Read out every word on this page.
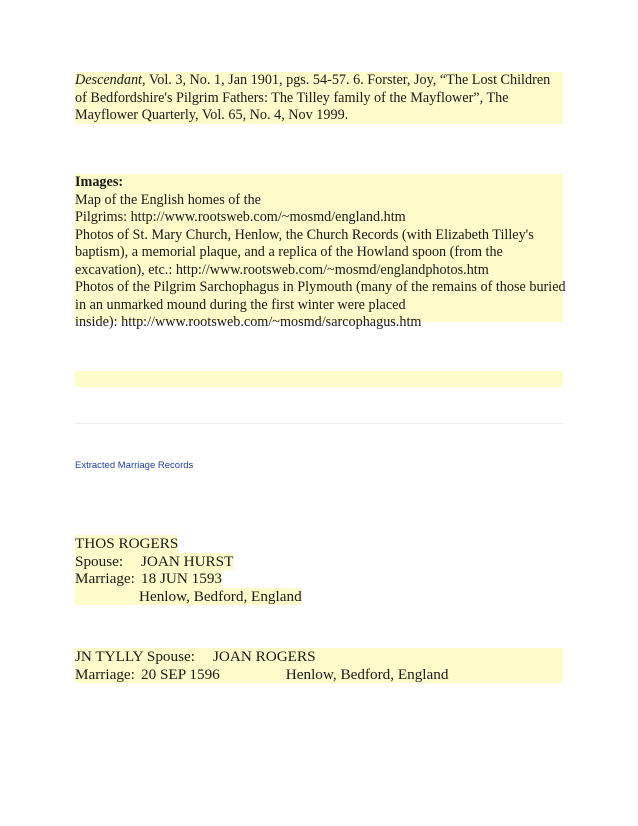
Descendant, Vol. 3, No. 1, Jan 1901, pgs. 54-57. 6. Forster, Joy, “The Lost Children
of Bedfordshire's Pilgrim Fathers: The Tilley family of the Mayflower”, The
Mayflower Quarterly, Vol. 65, No. 4, Nov 1999.
Images:
Map of the English homes of the
Pilgrims: http://www.rootsweb.com/~mosmd/england.htm
Photos of St. Mary Church, Henlow, the Church Records (with Elizabeth Tilley's
baptism), a memorial plaque, and a replica of the Howland spoon (from the
excavation), etc.: http://www.rootsweb.com/~mosmd/englandphotos.htm
Photos of the Pilgrim Sarchophagus in Plymouth (many of the remains of those buried
in an unmarked mound during the first winter were placed
inside): http://www.rootsweb.com/~mosmd/sarcophagus.htm
Extracted Marriage Records
THOS ROGERS
Spouse: JOAN HURST
Marriage: 18 JUN 1593
Henlow, Bedford, England
JN TYLLY Spouse: JOAN ROGERS
Marriage: 20 SEP 1596	Henlow, Bedford, England
